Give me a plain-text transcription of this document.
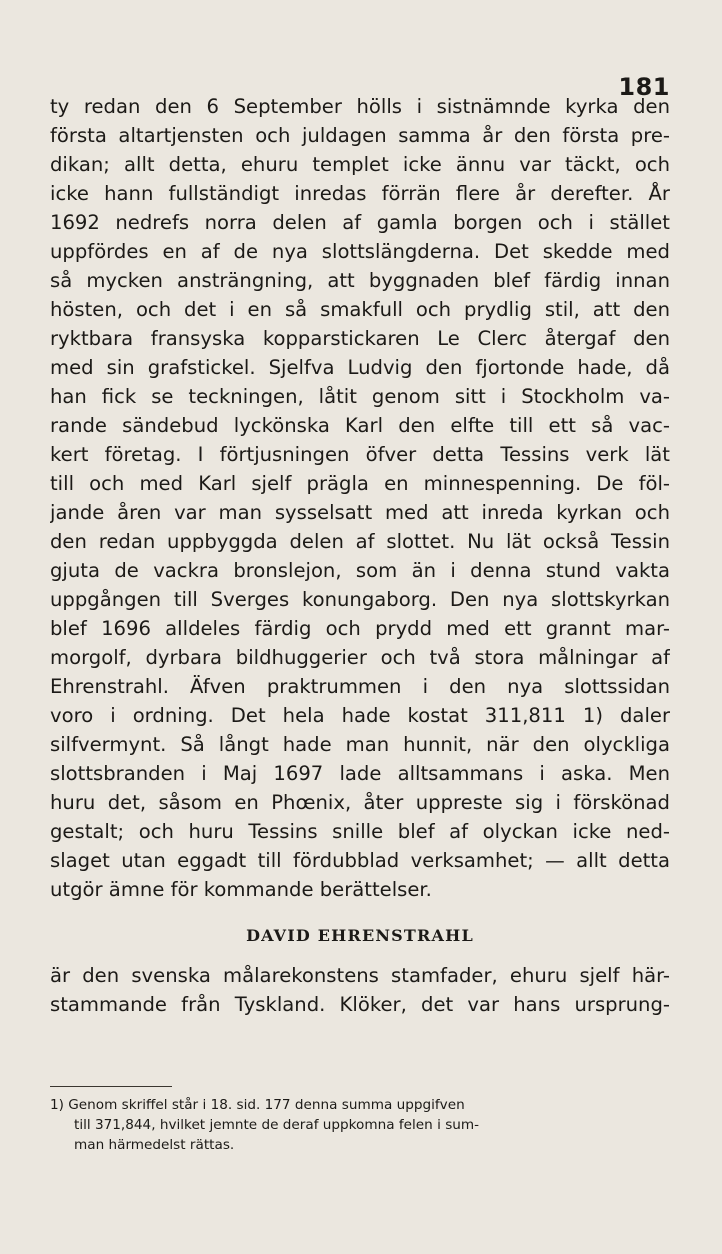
181

ty redan den 6 September hölls i sistnämnde kyrka den
första altartjensten och juldagen samma år den första pre-
dikan; allt detta, ehuru templet icke ännu var täckt, och
icke hann fullständigt inredas förrän flere år derefter. År
1692 nedrefs norra delen af gamla borgen och i stället
uppfördes en af de nya slottslängderna. Det skedde med
så mycken ansträngning, att byggnaden blef färdig innan
hösten, och det i en så smakfull och prydlig stil, att den
ryktbara fransyska kopparstickaren Le Clerc återgaf den
med sin grafstickel. Sjelfva Ludvig den fjortonde hade, då
han fick se teckningen, låtit genom sitt i Stockholm va-
rande sändebud lyckönska Karl den elfte till ett så vac-
kert företag. I förtjusningen öfver detta Tessins verk lät
till och med Karl sjelf prägla en minnespenning. De föl-
jande åren var man sysselsatt med att inreda kyrkan och
den redan uppbyggda delen af slottet. Nu lät också Tessin
gjuta de vackra bronslejon, som än i denna stund vakta
uppgången till Sverges konungaborg. Den nya slottskyrkan
blef 1696 alldeles färdig och prydd med ett grannt mar-
morgolf, dyrbara bildhuggerier och två stora målningar af
Ehrenstrahl. Äfven praktrummen i den nya slottssidan
voro i ordning. Det hela hade kostat 311,811 1) daler
silfvermynt. Så långt hade man hunnit, när den olyckliga
slottsbranden i Maj 1697 lade alltsammans i aska. Men
huru det, såsom en Phœnix, åter uppreste sig i förskönad
gestalt; och huru Tessins snille blef af olyckan icke ned-
slaget utan eggadt till fördubblad verksamhet; — allt detta
utgör ämne för kommande berättelser.
DAVID EHRENSTRAHL
är den svenska målarekonstens stamfader, ehuru sjelf här-
stammande från Tyskland. Klöker, det var hans ursprung-
1) Genom skriffel står i 18. sid. 177 denna summa uppgifven
till 371,844, hvilket jemnte de deraf uppkomna felen i sum-
man härmedelst rättas.
